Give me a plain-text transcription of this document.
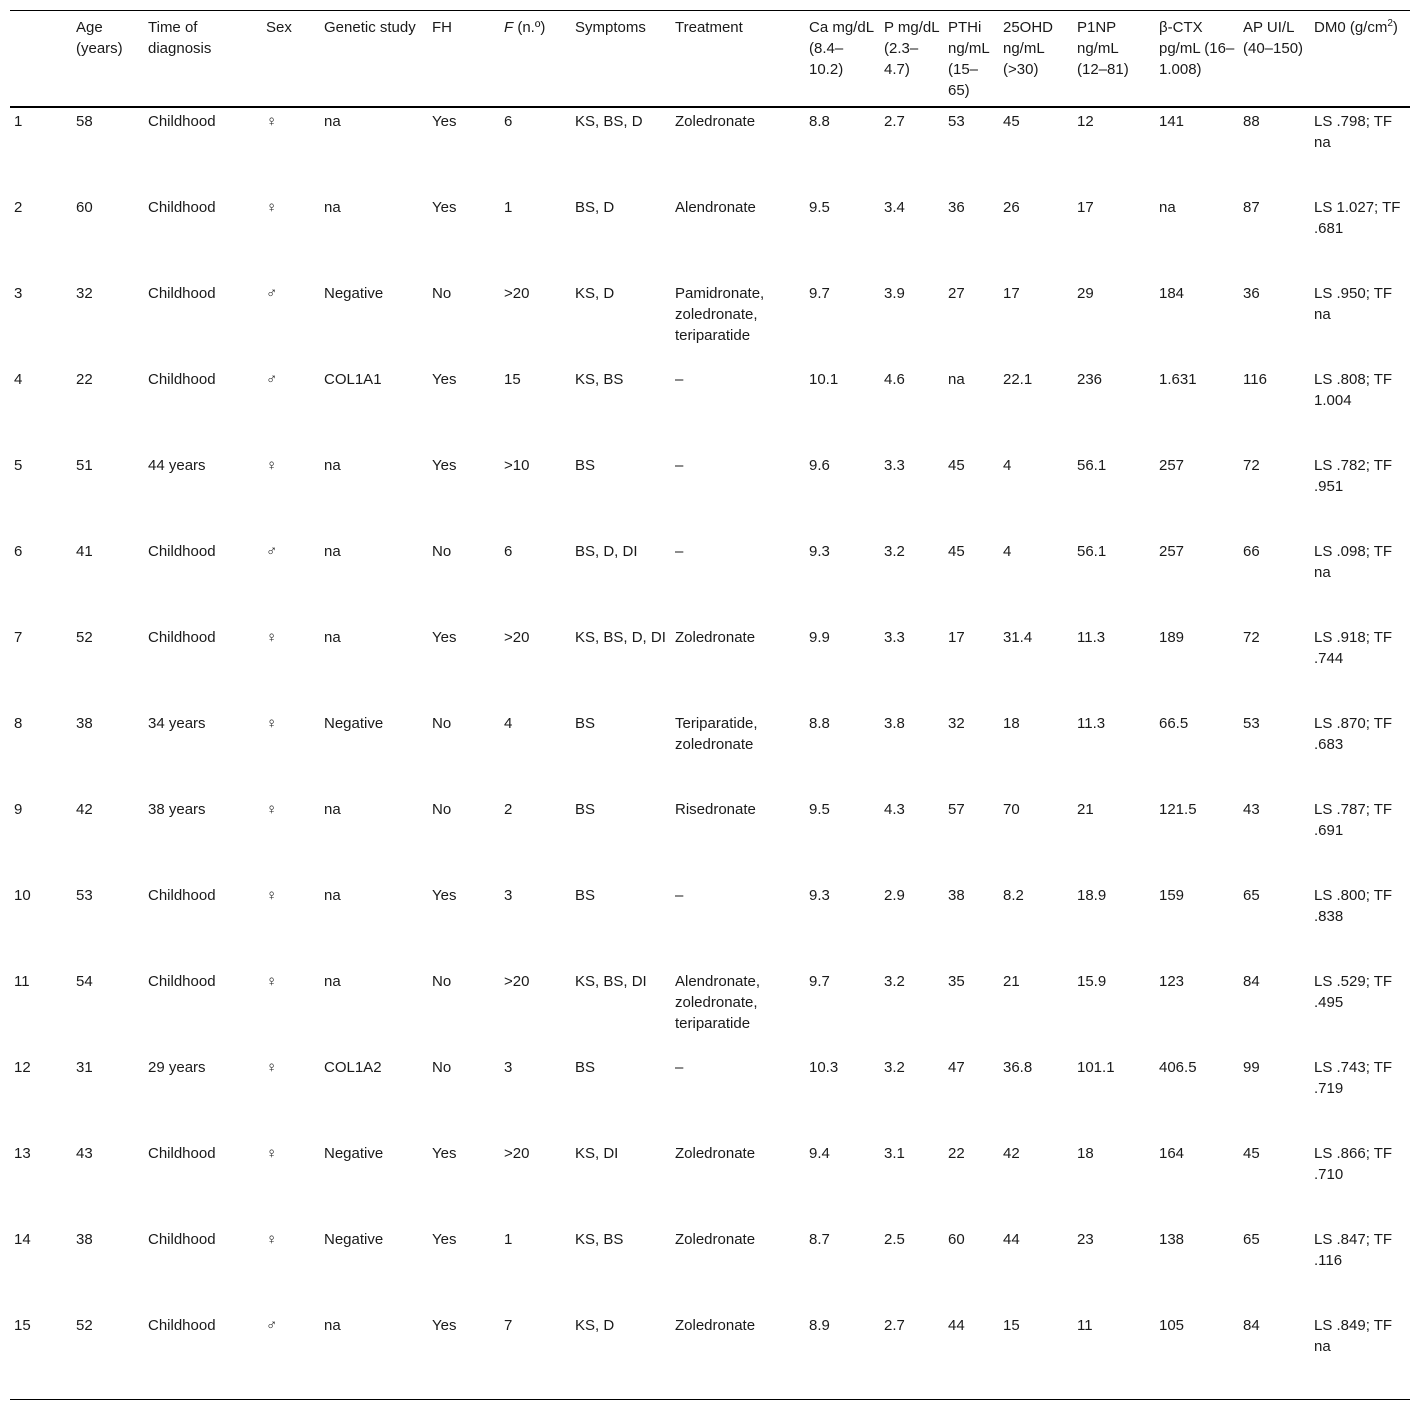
	Age (years)	Time of diagnosis	Sex	Genetic study	FH	F (n.º)	Symptoms	Treatment	Ca mg/dL (8.4–10.2)	P mg/dL (2.3–4.7)	PTHi ng/mL (15–65)	25OHD ng/mL (>30)	P1NP ng/mL (12–81)	β-CTX pg/mL (16–1.008)	AP UI/L (40–150)	DM0 $(g/cm^2)$
1	58	Childhood	♀	na	Yes	6	KS, BS, D	Zoledronate	8.8	2.7	53	45	12	141	88	LS .798; TF na
2	60	Childhood	♀	na	Yes	1	BS, D	Alendronate	9.5	3.4	36	26	17	na	87	LS 1.027; TF .681
3	32	Childhood	♂	Negative	No	>20	KS, D	Pamidronate, zoledronate, teriparatide	9.7	3.9	27	17	29	184	36	LS .950; TF na
4	22	Childhood	♂	COL1A1	Yes	15	KS, BS	–	10.1	4.6	na	22.1	236	1.631	116	LS .808; TF 1.004
5	51	44 years	♀	na	Yes	>10	BS	–	9.6	3.3	45	4	56.1	257	72	LS .782; TF .951
6	41	Childhood	♂	na	No	6	BS, D, DI	–	9.3	3.2	45	4	56.1	257	66	LS .098; TF na
7	52	Childhood	♀	na	Yes	>20	KS, BS, D, DI	Zoledronate	9.9	3.3	17	31.4	11.3	189	72	LS .918; TF .744
8	38	34 years	♀	Negative	No	4	BS	Teriparatide, zoledronate	8.8	3.8	32	18	11.3	66.5	53	LS .870; TF .683
9	42	38 years	♀	na	No	2	BS	Risedronate	9.5	4.3	57	70	21	121.5	43	LS .787; TF .691
10	53	Childhood	♀	na	Yes	3	BS	–	9.3	2.9	38	8.2	18.9	159	65	LS .800; TF .838
11	54	Childhood	♀	na	No	>20	KS, BS, DI	Alendronate, zoledronate, teriparatide	9.7	3.2	35	21	15.9	123	84	LS .529; TF .495
12	31	29 years	♀	COL1A2	No	3	BS	–	10.3	3.2	47	36.8	101.1	406.5	99	LS .743; TF .719
13	43	Childhood	♀	Negative	Yes	>20	KS, DI	Zoledronate	9.4	3.1	22	42	18	164	45	LS .866; TF .710
14	38	Childhood	♀	Negative	Yes	1	KS, BS	Zoledronate	8.7	2.5	60	44	23	138	65	LS .847; TF .116
15	52	Childhood	♂	na	Yes	7	KS, D	Zoledronate	8.9	2.7	44	15	11	105	84	LS .849; TF na
